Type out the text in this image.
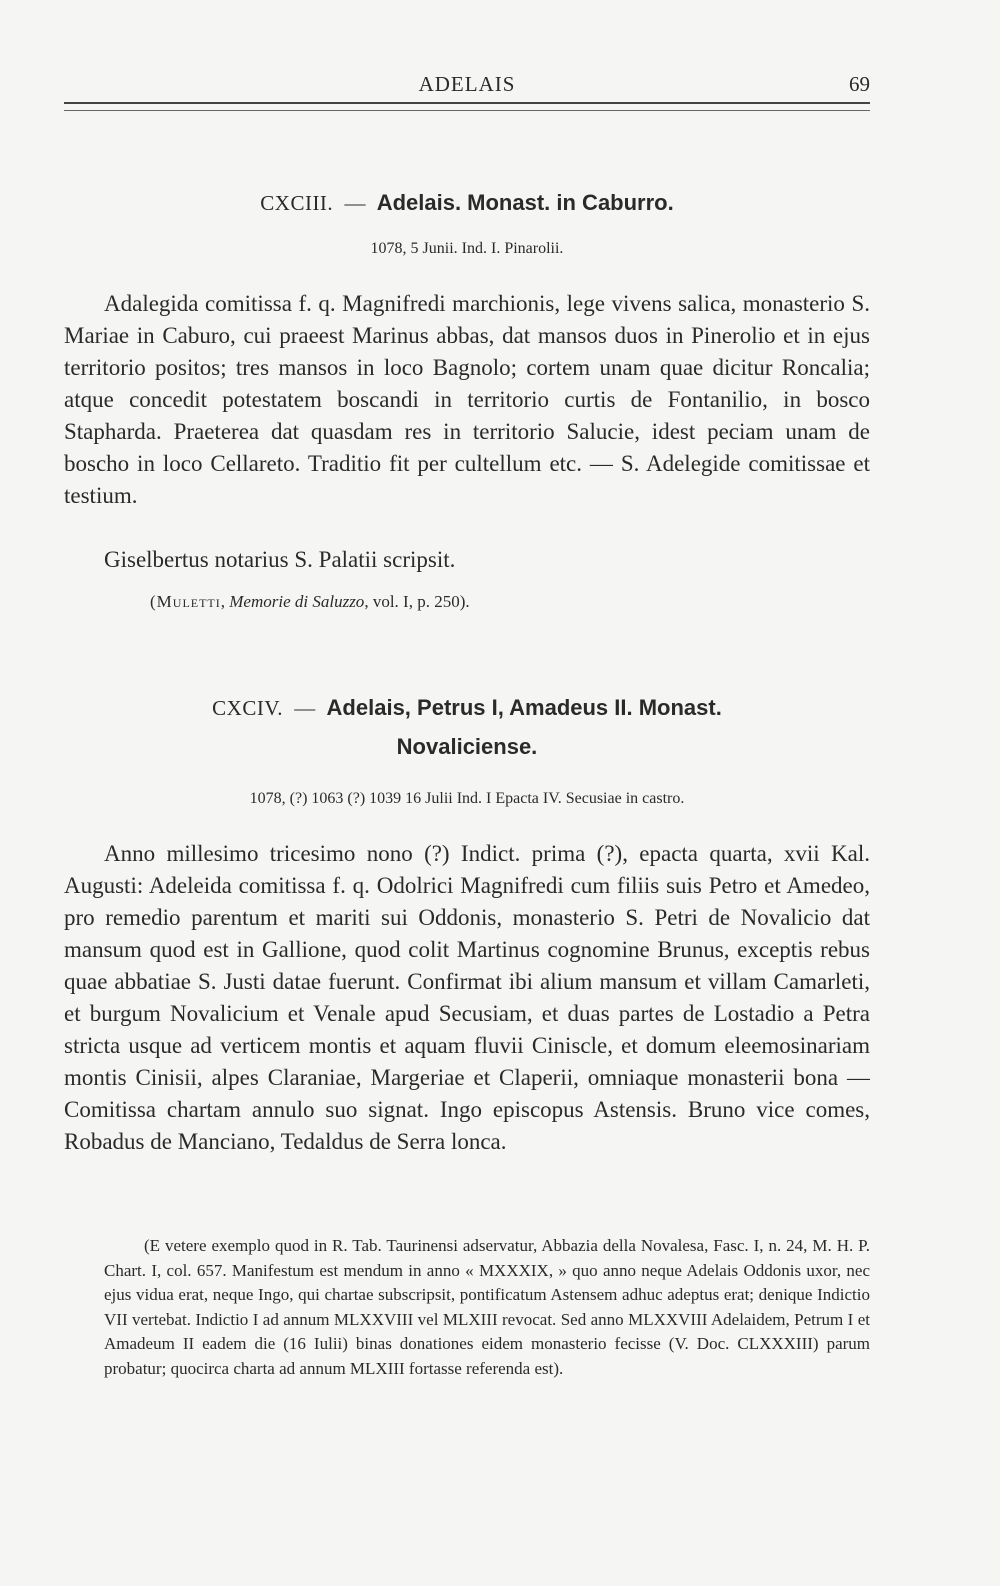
ADELAIS	69
CXCIII. — Adelais. Monast. in Caburro.
1078, 5 Junii. Ind. I. Pinarolii.

Adalegida comitissa f. q. Magnifredi marchionis, lege vivens salica, monasterio S. Mariae in Caburo, cui praeest Marinus abbas, dat mansos duos in Pinerolio et in ejus territorio positos; tres mansos in loco Bagnolo; cortem unam quae dicitur Roncalia; atque concedit potestatem boscandi in territorio curtis de Fontanilio, in bosco Stapharda. Praeterea dat quasdam res in territorio Salucie, idest peciam unam de boscho in loco Cellareto. Traditio fit per cultellum etc. — S. Adelegide comitissae et testium.

Giselbertus notarius S. Palatii scripsit.
(Muletti, Memorie di Saluzzo, vol. I, p. 250).
CXCIV. — Adelais, Petrus I, Amadeus II. Monast.
Novaliciense.
1078, (?) 1063 (?) 1039 16 Julii Ind. I Epacta IV. Secusiae in castro.

Anno millesimo tricesimo nono (?) Indict. prima (?), epacta quarta, xvii Kal. Augusti: Adeleida comitissa f. q. Odolrici Magnifredi cum filiis suis Petro et Amedeo, pro remedio parentum et mariti sui Oddonis, monasterio S. Petri de Novalicio dat mansum quod est in Gallione, quod colit Martinus cognomine Brunus, exceptis rebus quae abbatiae S. Justi datae fuerunt. Confirmat ibi alium mansum et villam Camarleti, et burgum Novalicium et Venale apud Secusiam, et duas partes de Lostadio a Petra stricta usque ad verticem montis et aquam fluvii Cinisclе, et domum eleemosinariam montis Cinisii, alpes Claraniae, Margeriae et Claperii, omniaque monasterii bona — Comitissa chartam annulo suo signat. Ingo episcopus Astensis. Bruno vice comes, Robadus de Manciano, Tedaldus de Serra lonca.

(E vetere exemplo quod in R. Tab. Taurinensi adservatur, Abbazia della Novalesa, Fasc. I, n. 24, M. H. P. Chart. I, col. 657. Manifestum est mendum in anno « MXXXIX, » quo anno neque Adelais Oddonis uxor, nec ejus vidua erat, neque Ingo, qui chartae subscripsit, pontificatum Astensem adhuc adeptus erat; denique Indictio VII vertebat. Indictio I ad annum MLXXVIII vel MLXIII revocat. Sed anno MLXXVIII Adelaidem, Petrum I et Amadeum II eadem die (16 Iulii) binas donationes eidem monasterio fecisse (V. Doc. CLXXXIII) parum probatur; quocirca charta ad annum MLXIII fortasse referenda est).
